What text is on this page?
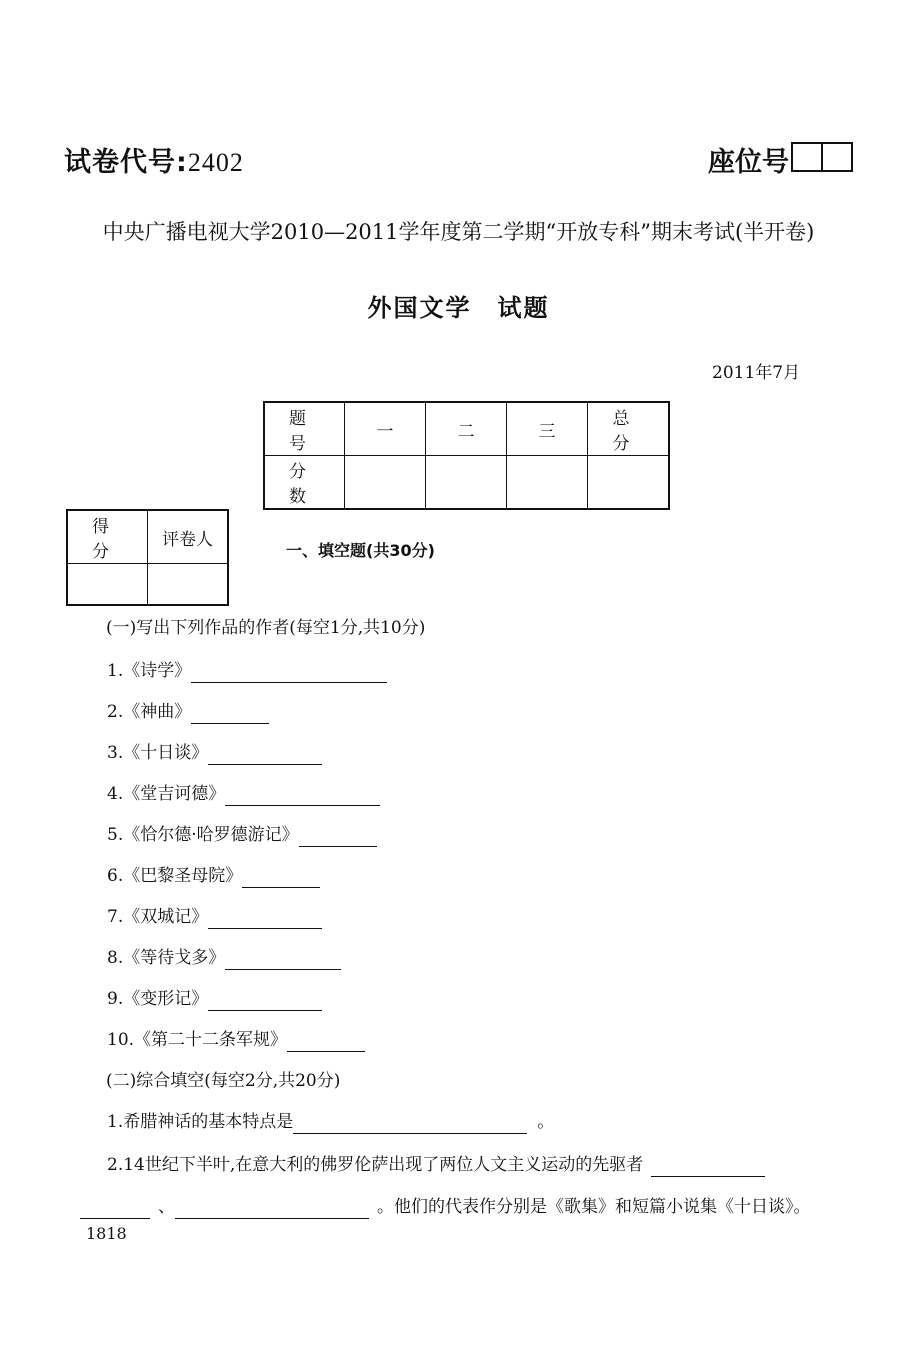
试卷代号:2402	座位号
中央广播电视大学2010—2011学年度第二学期“开放专科”期末考试(半开卷)
外国文学　试题
2011年7月
题　号	一	二	三	总　分
分　数				
得　分	评卷人

一、填空题(共30分)
(一)写出下列作品的作者(每空1分,共10分)
1.《诗学》
2.《神曲》
3.《十日谈》
4.《堂吉诃德》
5.《恰尔德·哈罗德游记》
6.《巴黎圣母院》
7.《双城记》
8.《等待戈多》
9.《变形记》
10.《第二十二条军规》
(二)综合填空(每空2分,共20分)
1.希腊神话的基本特点是	。
2.14世纪下半叶,在意大利的佛罗伦萨出现了两位人文主义运动的先驱者
、	。他们的代表作分别是《歌集》和短篇小说集《十日谈》。
1818
